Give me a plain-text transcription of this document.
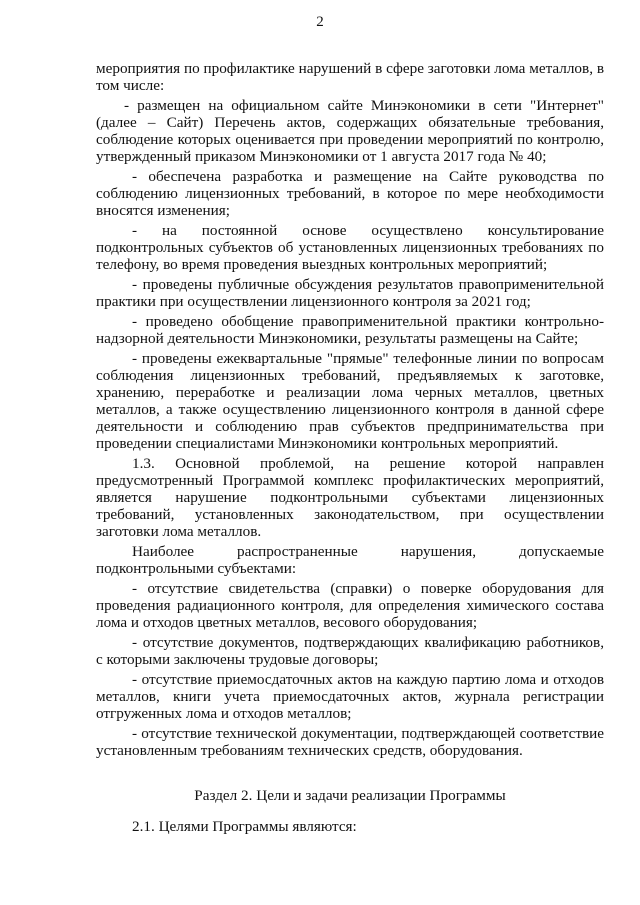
2

мероприятия по профилактике нарушений в сфере заготовки лома металлов, в том числе:

- размещен на официальном сайте Минэкономики в сети "Интернет" (далее – Сайт) Перечень актов, содержащих обязательные требования, соблюдение которых оценивается при проведении мероприятий по контролю, утвержденный приказом Минэкономики от 1 августа 2017 года № 40;

- обеспечена разработка и размещение на Сайте руководства по соблюдению лицензионных требований, в которое по мере необходимости вносятся изменения;

- на постоянной основе осуществлено консультирование подконтрольных субъектов об установленных лицензионных требованиях по телефону, во время проведения выездных контрольных мероприятий;

- проведены публичные обсуждения результатов правоприменительной практики при осуществлении лицензионного контроля за 2021 год;

- проведено обобщение правоприменительной практики контрольно-надзорной деятельности Минэкономики, результаты размещены на Сайте;

- проведены ежеквартальные "прямые" телефонные линии по вопросам соблюдения лицензионных требований, предъявляемых к заготовке, хранению, переработке и реализации лома черных металлов, цветных металлов, а также осуществлению лицензионного контроля в данной сфере деятельности и соблюдению прав субъектов предпринимательства при проведении специалистами Минэкономики контрольных мероприятий.

1.3. Основной проблемой, на решение которой направлен предусмотренный Программой комплекс профилактических мероприятий, является нарушение подконтрольными субъектами лицензионных требований, установленных законодательством, при осуществлении заготовки лома металлов.

Наиболее распространенные нарушения, допускаемые подконтрольными субъектами:

- отсутствие свидетельства (справки) о поверке оборудования для проведения радиационного контроля, для определения химического состава лома и отходов цветных металлов, весового оборудования;

- отсутствие документов, подтверждающих квалификацию работников, с которыми заключены трудовые договоры;

- отсутствие приемосдаточных актов на каждую партию лома и отходов металлов, книги учета приемосдаточных актов, журнала регистрации отгруженных лома и отходов металлов;

- отсутствие технической документации, подтверждающей соответствие установленным требованиям технических средств, оборудования.

Раздел 2. Цели и задачи реализации Программы

2.1. Целями Программы являются:
